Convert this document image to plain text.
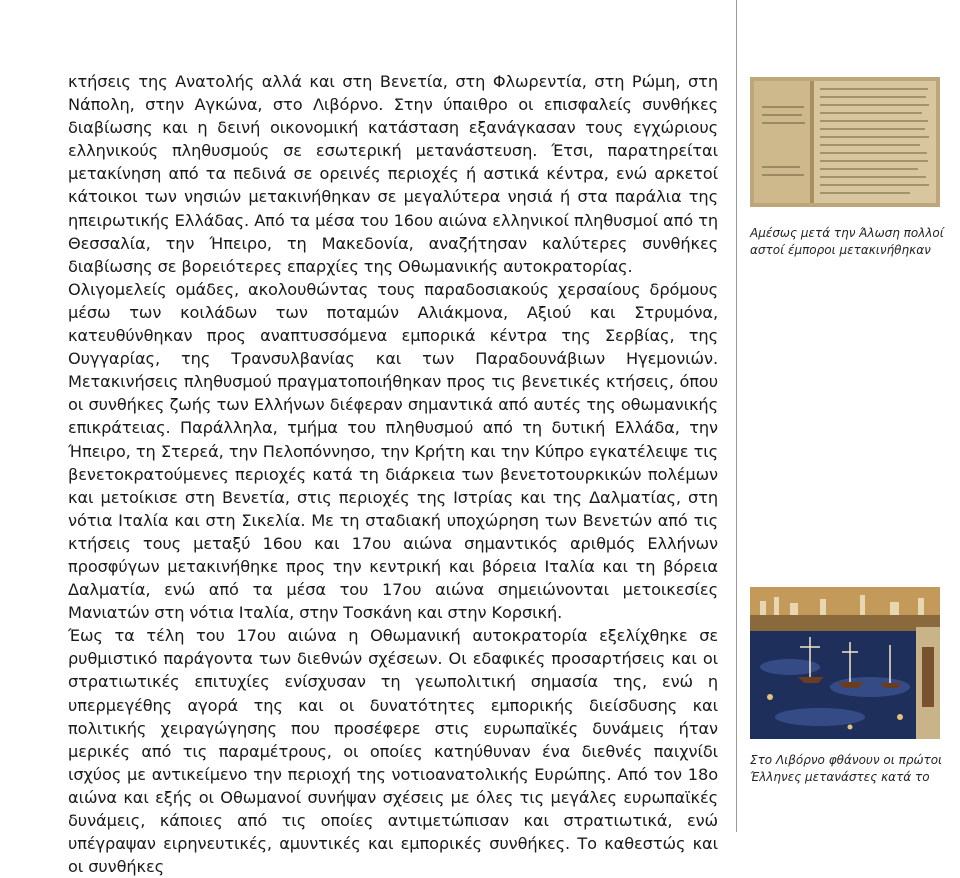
κτήσεις της Ανατολής αλλά και στη Βενετία, στη Φλωρεντία, στη Ρώμη, στη Νάπολη, στην Αγκώνα, στο Λιβόρνο. Στην ύπαιθρο οι επισφαλείς συνθήκες διαβίωσης και η δεινή οικονομική κατάσταση εξανάγκασαν τους εγχώριους ελληνικούς πληθυσμούς σε εσωτερική μετανάστευση. Έτσι, παρατηρείται μετακίνηση από τα πεδινά σε ορεινές περιοχές ή αστικά κέντρα, ενώ αρκετοί κάτοικοι των νησιών μετακινήθηκαν σε μεγαλύτερα νησιά ή στα παράλια της ηπειρωτικής Ελλάδας. Από τα μέσα του 16ου αιώνα ελληνικοί πληθυσμοί από τη Θεσσαλία, την Ήπειρο, τη Μακεδονία, αναζήτησαν καλύτερες συνθήκες διαβίωσης σε βορειότερες επαρχίες της Οθωμανικής αυτοκρατορίας.

Ολιγομελείς ομάδες, ακολουθώντας τους παραδοσιακούς χερσαίους δρόμους μέσω των κοιλάδων των ποταμών Αλιάκμονα, Αξιού και Στρυμόνα, κατευθύνθηκαν προς αναπτυσσόμενα εμπορικά κέντρα της Σερβίας, της Ουγγαρίας, της Τρανσυλβανίας και των Παραδουνάβιων Ηγεμονιών. Μετακινήσεις πληθυσμού πραγματοποιήθηκαν προς τις βενετικές κτήσεις, όπου οι συνθήκες ζωής των Ελλήνων διέφεραν σημαντικά από αυτές της οθωμανικής επικράτειας. Παράλληλα, τμήμα του πληθυσμού από τη δυτική Ελλάδα, την Ήπειρο, τη Στερεά, την Πελοπόννησο, την Κρήτη και την Κύπρο εγκατέλειψε τις βενετοκρατούμενες περιοχές κατά τη διάρκεια των βενετοτουρκικών πολέμων και μετοίκισε στη Βενετία, στις περιοχές της Ιστρίας και της Δαλματίας, στη νότια Ιταλία και στη Σικελία. Με τη σταδιακή υποχώρηση των Βενετών από τις κτήσεις τους μεταξύ 16ου και 17ου αιώνα σημαντικός αριθμός Ελλήνων προσφύγων μετακινήθηκε προς την κεντρική και βόρεια Ιταλία και τη βόρεια Δαλματία, ενώ από τα μέσα του 17ου αιώνα σημειώνονται μετοικεσίες Μανιατών στη νότια Ιταλία, στην Τοσκάνη και στην Κορσική.

Έως τα τέλη του 17ου αιώνα η Οθωμανική αυτοκρατορία εξελίχθηκε σε ρυθμιστικό παράγοντα των διεθνών σχέσεων. Οι εδαφικές προσαρτήσεις και οι στρατιωτικές επιτυχίες ενίσχυσαν τη γεωπολιτική σημασία της, ενώ η υπερμεγέθης αγορά της και οι δυνατότητες εμπορικής διείσδυσης και πολιτικής χειραγώγησης που προσέφερε στις ευρωπαϊκές δυνάμεις ήταν μερικές από τις παραμέτρους, οι οποίες κατηύθυναν ένα διεθνές παιχνίδι ισχύος με αντικείμενο την περιοχή της νοτιοανατολικής Ευρώπης. Από τον 18ο αιώνα και εξής οι Οθωμανοί συνήψαν σχέσεις με όλες τις μεγάλες ευρωπαϊκές δυνάμεις, κάποιες από τις οποίες αντιμετώπισαν και στρατιωτικά, ενώ υπέγραψαν ειρηνευτικές, αμυντικές και εμπορικές συνθήκες. Το καθεστώς και οι συνθήκες

Αμέσως μετά την Άλωση πολλοί αστοί έμποροι μετακινήθηκαν

Στο Λιβόρνο φθάνουν οι πρώτοι Έλληνες μετανάστες κατά το
